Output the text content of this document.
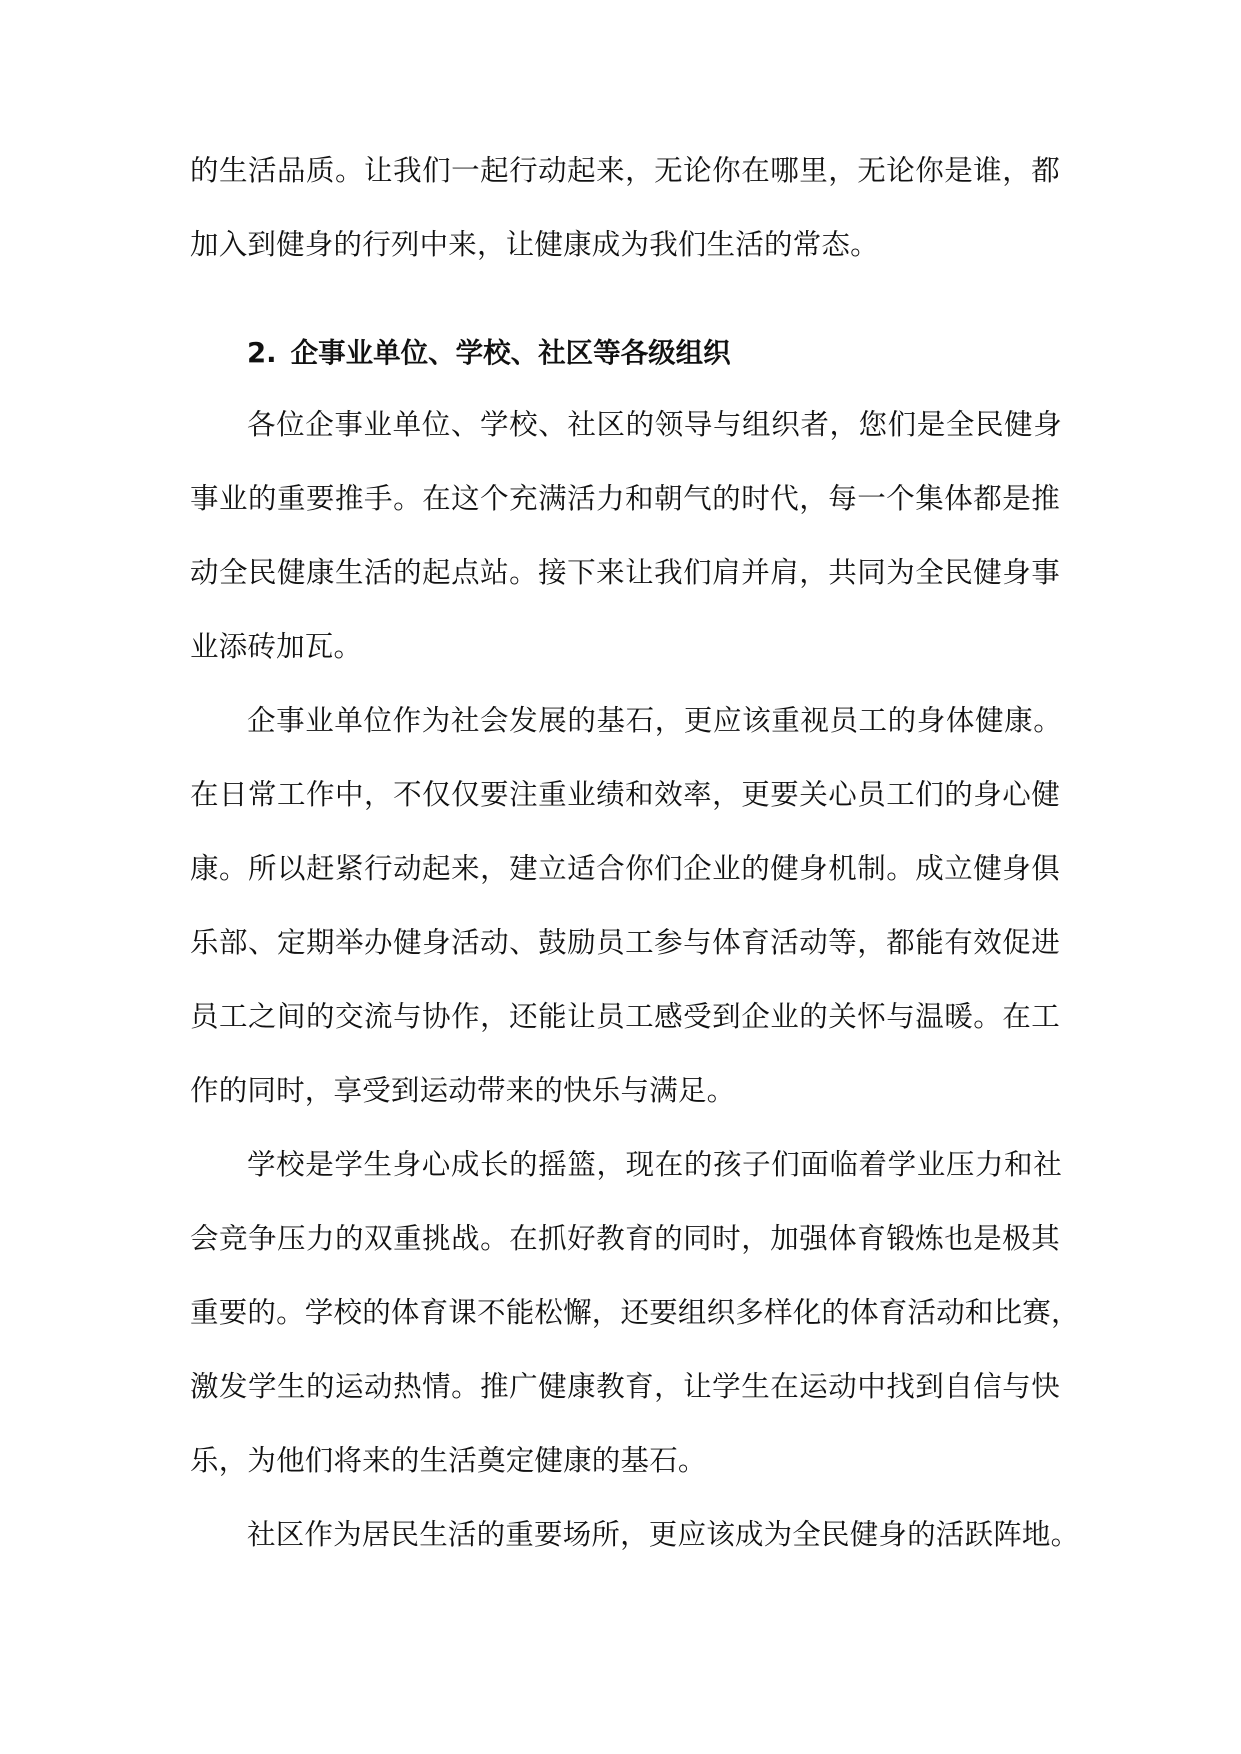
的生活品质。让我们一起行动起来，无论你在哪里，无论你是谁，都
加入到健身的行列中来，让健康成为我们生活的常态。
2. 企事业单位、学校、社区等各级组织
各位企事业单位、学校、社区的领导与组织者，您们是全民健身
事业的重要推手。在这个充满活力和朝气的时代，每一个集体都是推
动全民健康生活的起点站。接下来让我们肩并肩，共同为全民健身事
业添砖加瓦。
企事业单位作为社会发展的基石，更应该重视员工的身体健康。
在日常工作中，不仅仅要注重业绩和效率，更要关心员工们的身心健
康。所以赶紧行动起来，建立适合你们企业的健身机制。成立健身俱
乐部、定期举办健身活动、鼓励员工参与体育活动等，都能有效促进
员工之间的交流与协作，还能让员工感受到企业的关怀与温暖。在工
作的同时，享受到运动带来的快乐与满足。
学校是学生身心成长的摇篮，现在的孩子们面临着学业压力和社
会竞争压力的双重挑战。在抓好教育的同时，加强体育锻炼也是极其
重要的。学校的体育课不能松懈，还要组织多样化的体育活动和比赛，
激发学生的运动热情。推广健康教育，让学生在运动中找到自信与快
乐，为他们将来的生活奠定健康的基石。
社区作为居民生活的重要场所，更应该成为全民健身的活跃阵地。
